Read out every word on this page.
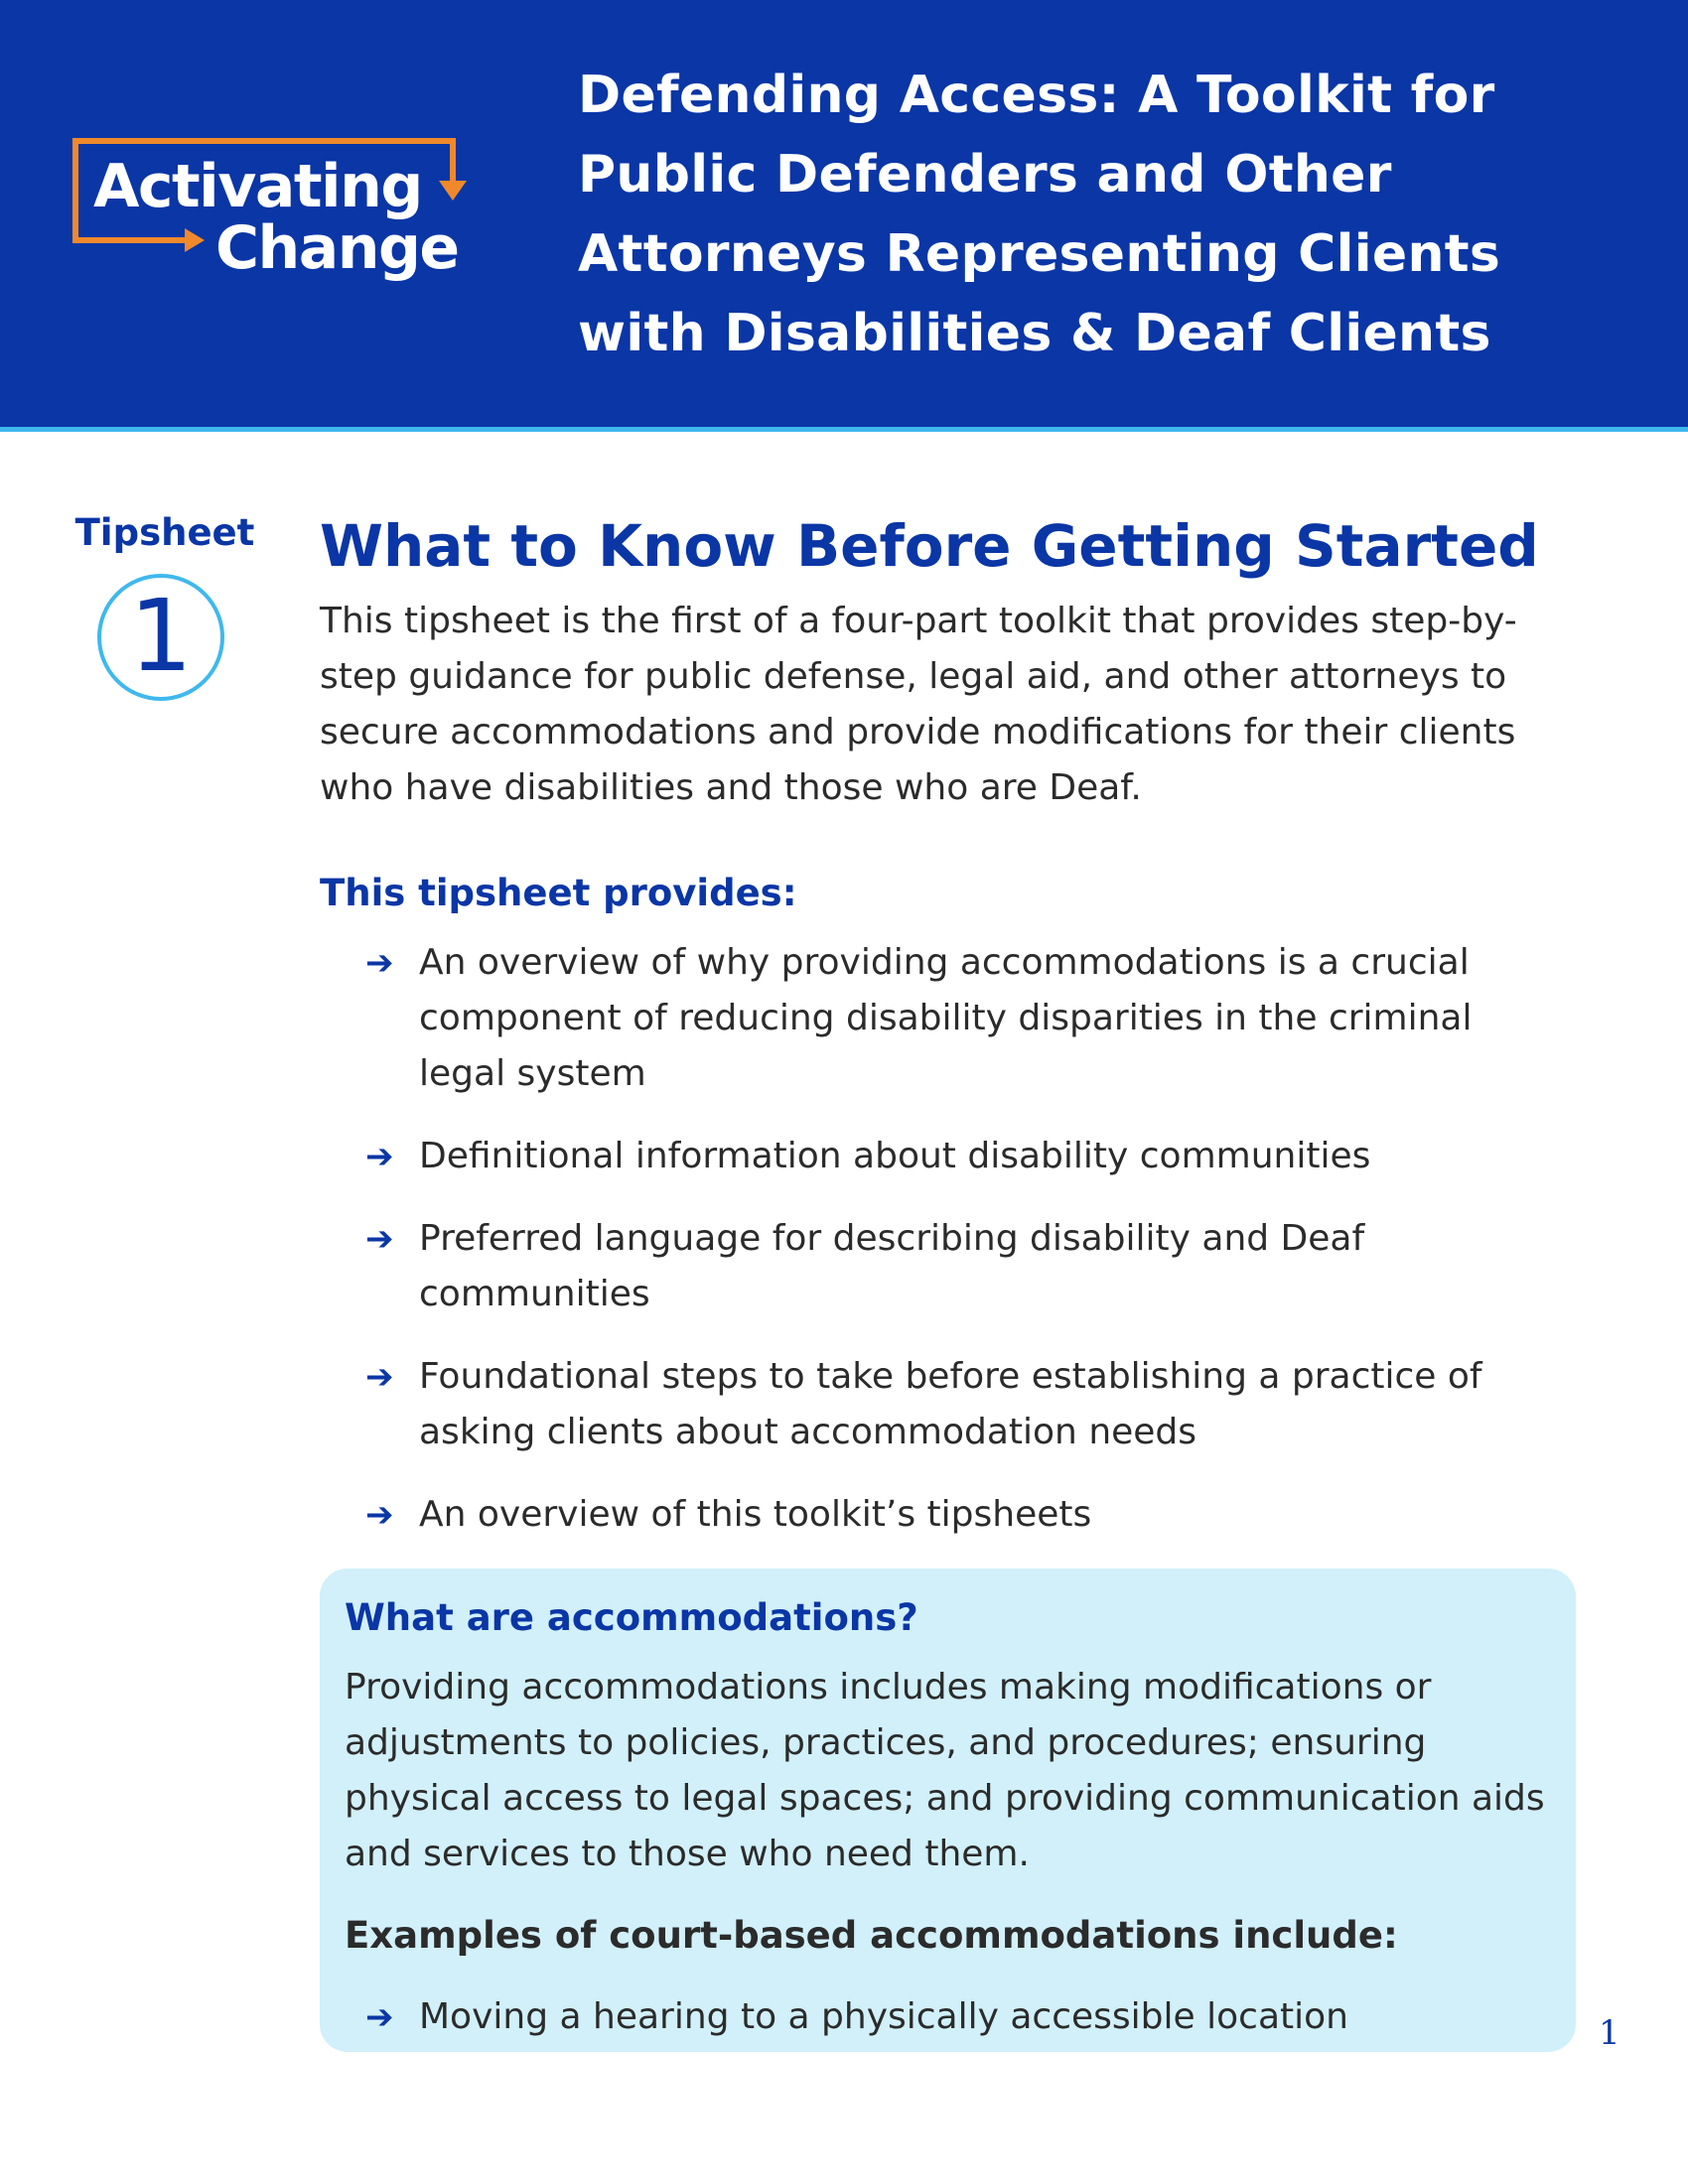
Activating
Change
Defending Access: A Toolkit for Public Defenders and Other Attorneys Representing Clients with Disabilities & Deaf Clients
Tipsheet
1
What to Know Before Getting Started

This tipsheet is the first of a four-part toolkit that provides step-by-step guidance for public defense, legal aid, and other attorneys to secure accommodations and provide modifications for their clients who have disabilities and those who are Deaf.

This tipsheet provides:
➔ An overview of why providing accommodations is a crucial component of reducing disability disparities in the criminal legal system
➔ Definitional information about disability communities
➔ Preferred language for describing disability and Deaf communities
➔ Foundational steps to take before establishing a practice of asking clients about accommodation needs
➔ An overview of this toolkit’s tipsheets
What are accommodations?

Providing accommodations includes making modifications or adjustments to policies, practices, and procedures; ensuring physical access to legal spaces; and providing communication aids and services to those who need them.

Examples of court-based accommodations include:
➔ Moving a hearing to a physically accessible location	1
